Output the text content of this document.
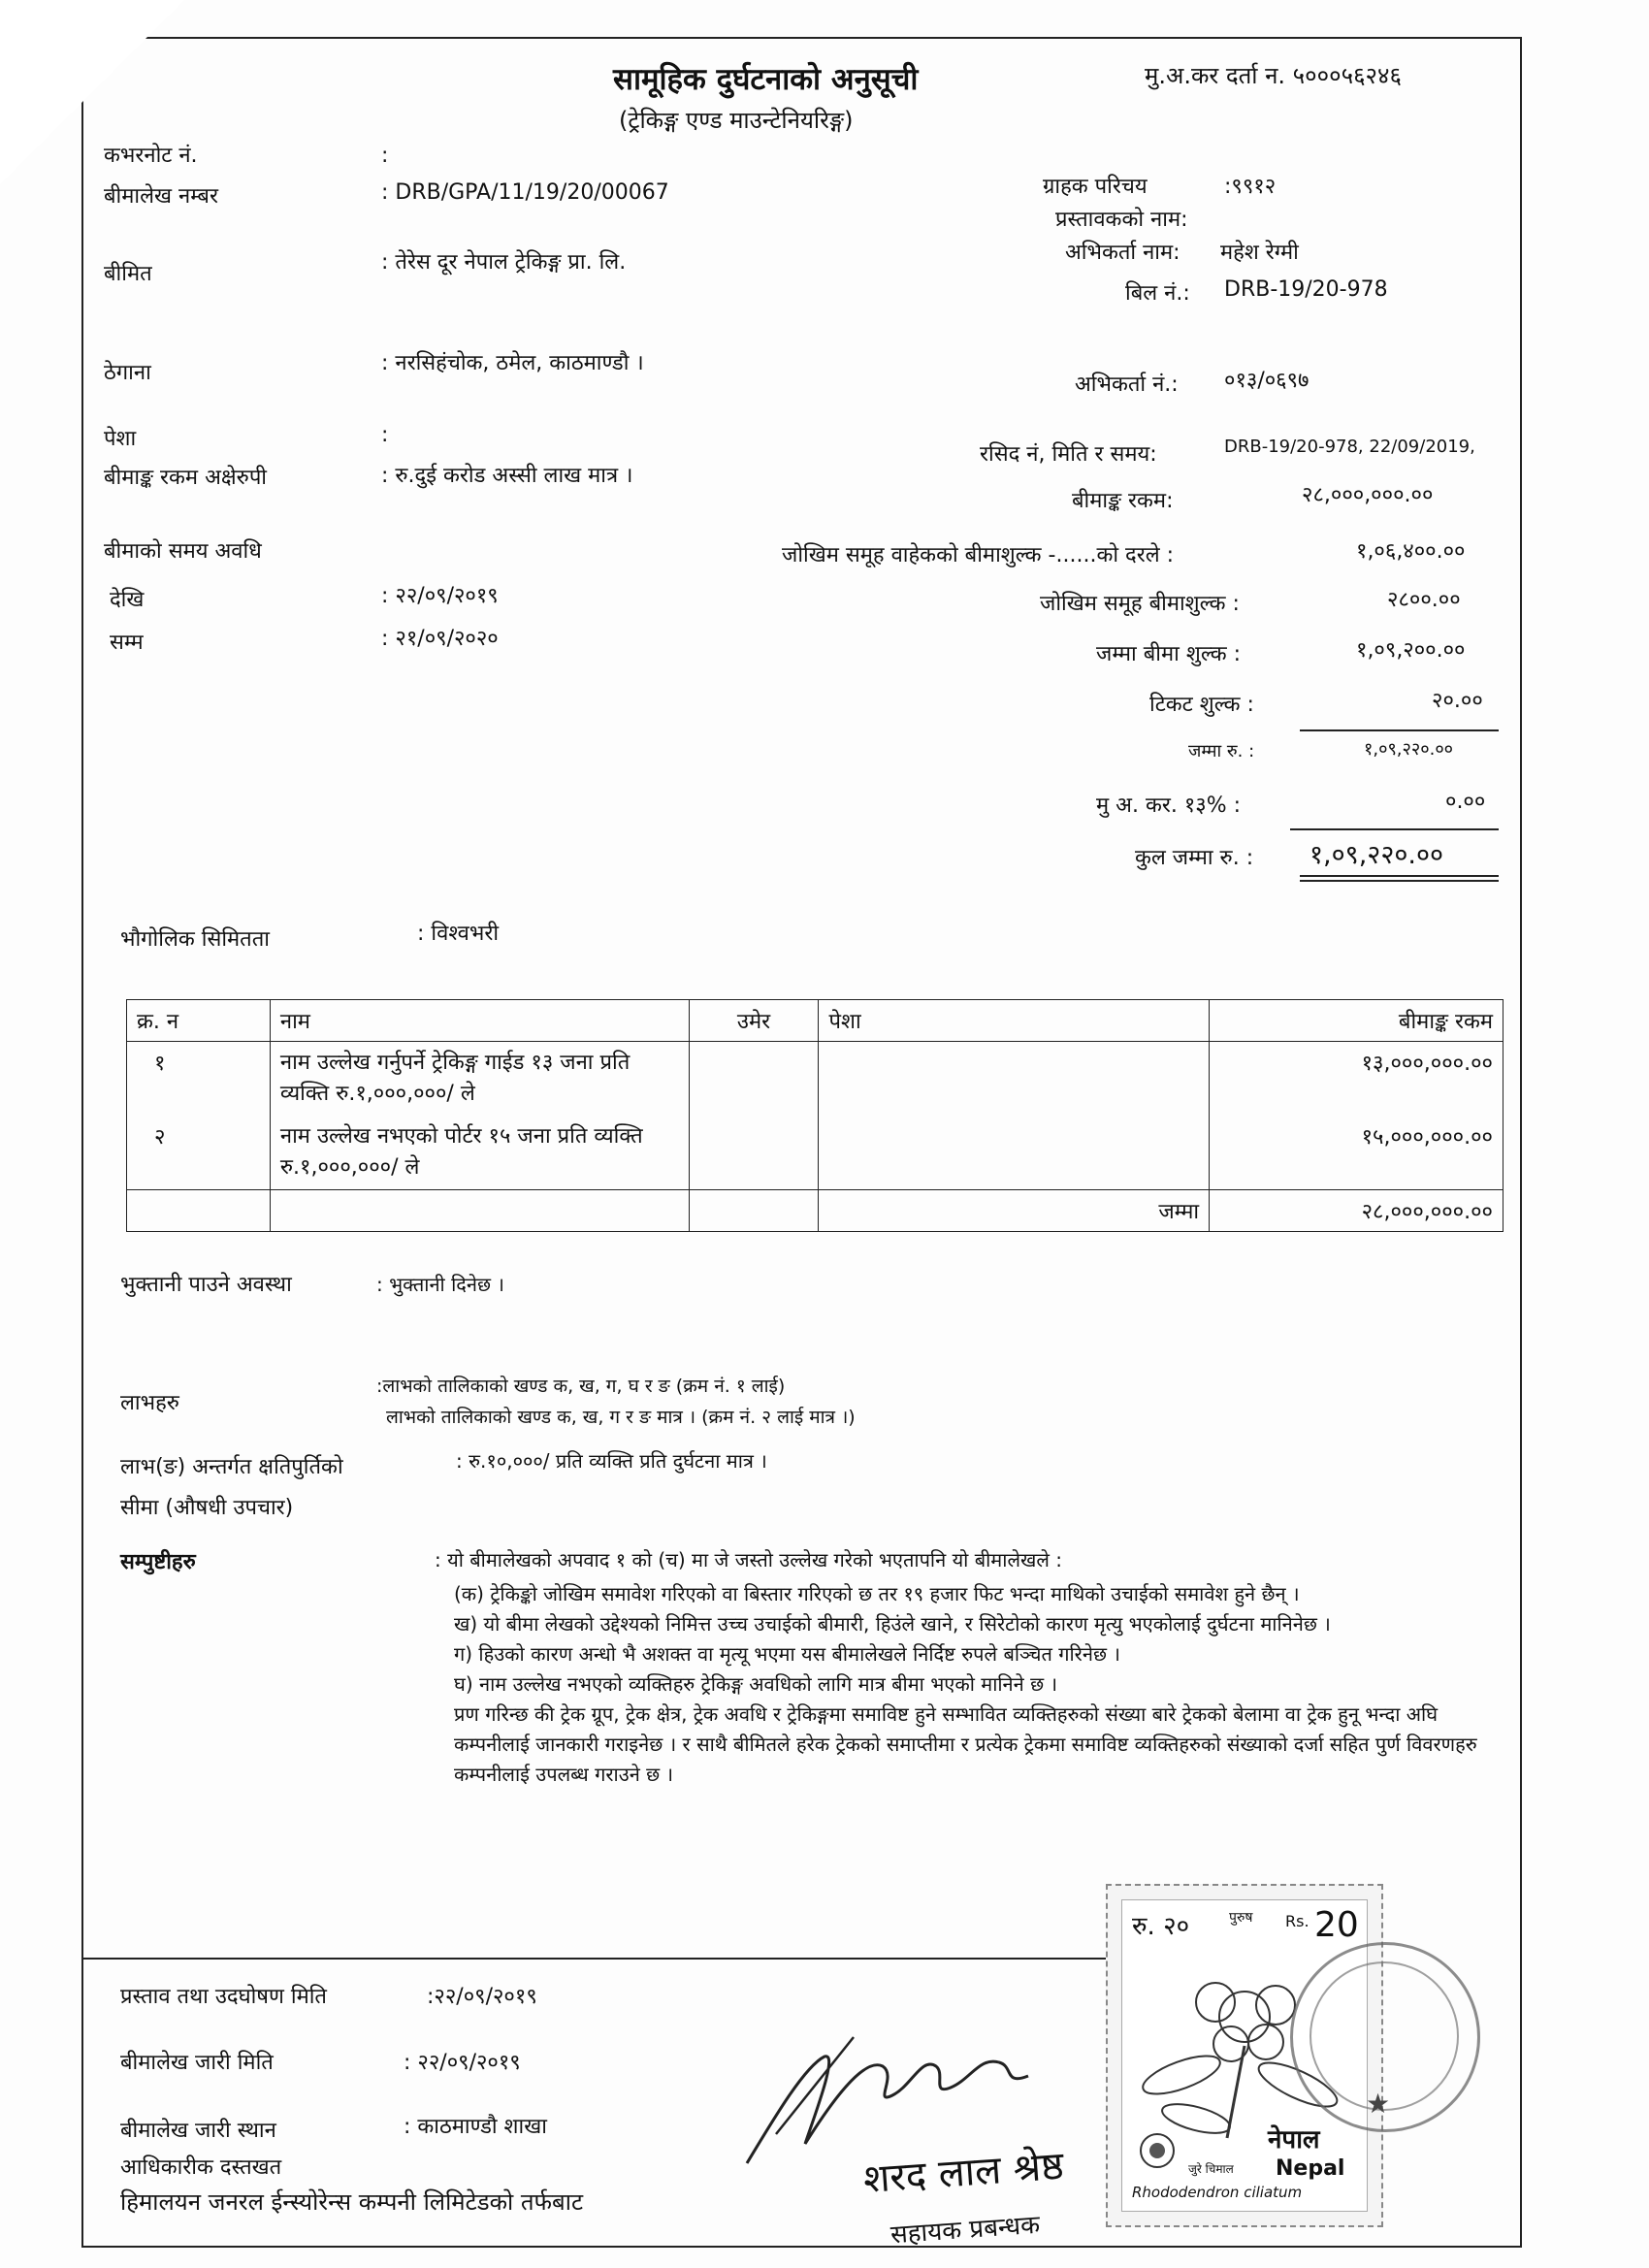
सामूहिक दुर्घटनाको अनुसूची
(ट्रेकिङ्ग एण्ड माउन्टेनियरिङ्ग)
मु.अ.कर दर्ता न. ५०००५६२४६
कभरनोट नं.	:
बीमालेख नम्बर	: DRB/GPA/11/19/20/00067
बीमित	: तेरेस दूर नेपाल ट्रेकिङ्ग प्रा. लि.
ठेगाना	: नरसिहंचोक, ठमेल, काठमाण्डौ ।
पेशा	:
बीमाङ्क रकम अक्षेरुपी	: रु.दुई करोड अस्सी लाख मात्र ।
बीमाको समय अवधि
देखि	: २२/०९/२०१९
सम्म	: २१/०९/२०२०
ग्राहक परिचय	:९९१२
प्रस्तावकको नाम:
अभिकर्ता नाम: महेश रेग्मी
बिल नं.: DRB-19/20-978
अभिकर्ता नं.: ०१३/०६९७
रसिद नं, मिति र समय:	DRB-19/20-978, 22/09/2019,
बीमाङ्क रकम:	२८,०००,०००.००
जोखिम समूह वाहेकको बीमाशुल्क -......को दरले :	१,०६,४००.००
जोखिम समूह बीमाशुल्क :	२८००.००
जम्मा बीमा शुल्क :	१,०९,२००.००
टिकट शुल्क :	२०.००
जम्मा रु. :	१,०९,२२०.००
मु अ. कर. १३% :	०.००
कुल जम्मा रु. : १,०९,२२०.००
भौगोलिक सिमितता	: विश्वभरी
क्र. न	नाम	उमेर	पेशा	बीमाङ्क रकम
१	नाम उल्लेख गर्नुपर्ने ट्रेकिङ्ग गाईड १३ जना प्रति व्यक्ति रु.१,०००,०००/ ले			१३,०००,०००.००
२	नाम उल्लेख नभएको पोर्टर १५ जना प्रति व्यक्ति रु.१,०००,०००/ ले			१५,०००,०००.००
			जम्मा	२८,०००,०००.००
भुक्तानी पाउने अवस्था	: भुक्तानी दिनेछ ।
लाभहरु
:लाभको तालिकाको खण्ड क, ख, ग, घ र ङ (क्रम नं. १ लाई)
लाभको तालिकाको खण्ड क, ख, ग र ङ मात्र । (क्रम नं. २ लाई मात्र ।)
लाभ(ङ) अन्तर्गत क्षतिपुर्तिको
सीमा (औषधी उपचार)
: रु.१०,०००/ प्रति व्यक्ति प्रति दुर्घटना मात्र ।
सम्पुष्टीहरु	: यो बीमालेखको अपवाद १ को (च) मा जे जस्तो उल्लेख गरेको भएतापनि यो बीमालेखले :

(क) ट्रेकिङ्को जोखिम समावेश गरिएको वा बिस्तार गरिएको छ तर १९ हजार फिट भन्दा माथिको उचाईको समावेश हुने छैन् ।

ख) यो बीमा लेखको उद्देश्यको निमित्त उच्च उचाईको बीमारी, हिउंले खाने, र सिरेटोको कारण मृत्यु भएकोलाई दुर्घटना मानिनेछ ।

ग) हिउको कारण अन्धो भै अशक्त वा मृत्यू भएमा यस बीमालेखले निर्दिष्ट रुपले बञ्चित गरिनेछ ।

घ) नाम उल्लेख नभएको व्यक्तिहरु ट्रेकिङ्ग अवधिको लागि मात्र बीमा भएको मानिने छ ।

प्रण गरिन्छ की ट्रेक ग्रूप, ट्रेक क्षेत्र, ट्रेक अवधि र ट्रेकिङ्गमा समाविष्ट हुने सम्भावित व्यक्तिहरुको संख्या बारे ट्रेकको बेलामा वा ट्रेक हुनू भन्दा अघि कम्पनीलाई जानकारी गराइनेछ । र साथै बीमितले हरेक ट्रेकको समाप्तीमा र प्रत्येक ट्रेकमा समाविष्ट व्यक्तिहरुको संख्याको दर्जा सहित पुर्ण विवरणहरु कम्पनीलाई उपलब्ध गराउने छ ।

प्रस्ताव तथा उदघोषण मिति	:२२/०९/२०१९
बीमालेख जारी मिति	: २२/०९/२०१९
बीमालेख जारी स्थान	: काठमाण्डौ शाखा
आधिकारीक दस्तखत
हिमालयन जनरल ईन्स्योरेन्स कम्पनी लिमिटेडको तर्फबाट	शरद लाल श्रेष्ठ
सहायक प्रबन्धक
रु. २०	पुरुष Rs. 20
नेपाल
Nepal
जुरे चिमाल
Rhododendron ciliatum
★
